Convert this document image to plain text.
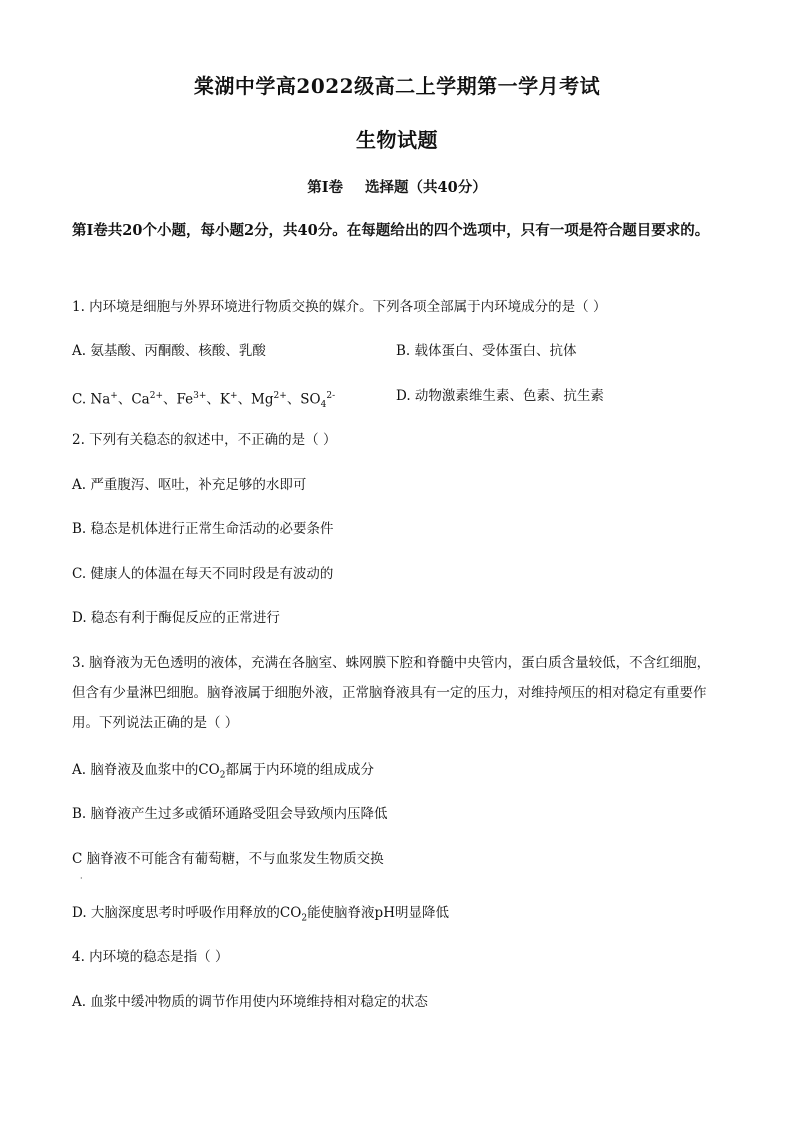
棠湖中学高2022级高二上学期第一学月考试
生物试题
第Ⅰ卷 选择题（共40分）
第Ⅰ卷共20个小题，每小题2分，共40分。在每题给出的四个选项中，只有一项是符合题目要求的。
1. 内环境是细胞与外界环境进行物质交换的媒介。下列各项全部属于内环境成分的是（ ）
A. 氨基酸、丙酮酸、核酸、乳酸	B. 载体蛋白、受体蛋白、抗体
C. Na+、$Ca^{2+}$、$Fe^{3+}$、K+、$Mg^{2+}$、$SO_4^{2-}$	D. 动物激素维生素、色素、抗生素
2. 下列有关稳态的叙述中，不正确的是（ ）
A. 严重腹泻、呕吐，补充足够的水即可
B. 稳态是机体进行正常生命活动的必要条件
C. 健康人的体温在每天不同时段是有波动的
D. 稳态有利于酶促反应的正常进行
3. 脑脊液为无色透明的液体，充满在各脑室、蛛网膜下腔和脊髓中央管内，蛋白质含量较低，不含红细胞，但含有少量淋巴细胞。脑脊液属于细胞外液，正常脑脊液具有一定的压力，对维持颅压的相对稳定有重要作用。下列说法正确的是（ ）
A. 脑脊液及血浆中的$CO_2$都属于内环境的组成成分
B. 脑脊液产生过多或循环通路受阻会导致颅内压降低
C 脑脊液不可能含有葡萄糖，不与血浆发生物质交换
·
D. 大脑深度思考时呼吸作用释放的$CO_2$能使脑脊液pH明显降低
4. 内环境的稳态是指（ ）
A. 血浆中缓冲物质的调节作用使内环境维持相对稳定的状态
